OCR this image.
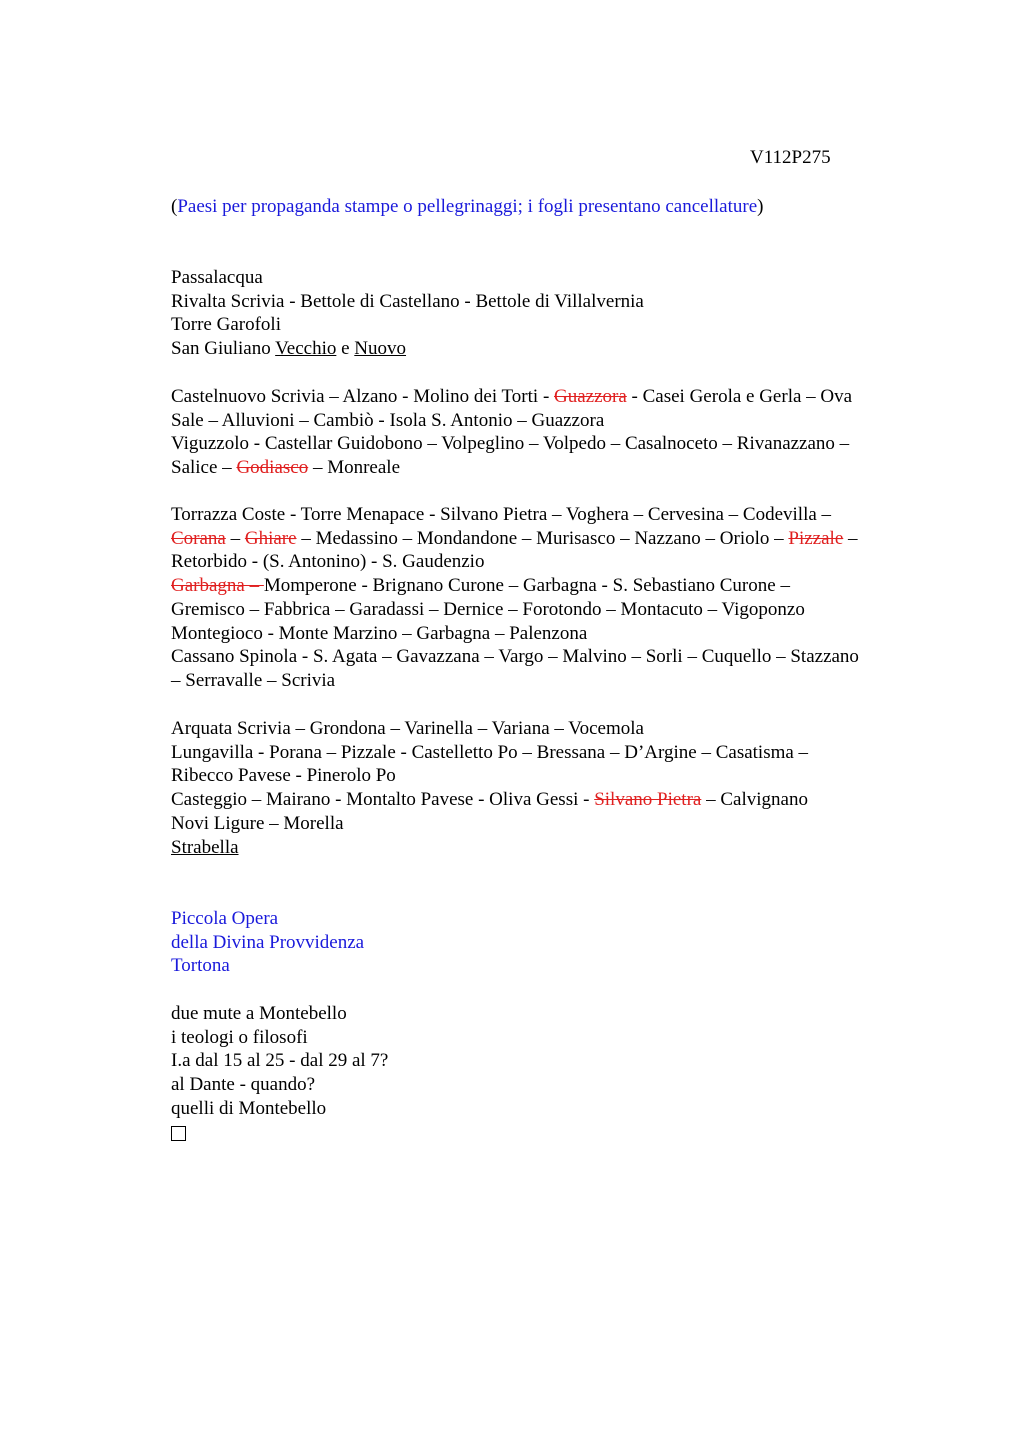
V112P275
(Paesi per propaganda stampe o pellegrinaggi; i fogli presentano cancellature)
Passalacqua
Rivalta Scrivia - Bettole di Castellano - Bettole di Villalvernia
Torre Garofoli
San Giuliano Vecchio e Nuovo
Castelnuovo Scrivia – Alzano - Molino dei Torti - Guazzora - Casei Gerola e Gerla – Ova
Sale – Alluvioni – Cambiò - Isola S. Antonio – Guazzora
Viguzzolo - Castellar Guidobono – Volpeglino – Volpedo – Casalnoceto – Rivanazzano –
Salice – Godiasco – Monreale
Torrazza Coste - Torre Menapace - Silvano Pietra – Voghera – Cervesina – Codevilla –
Corana – Ghiare – Medassino – Mondandone – Murisasco – Nazzano – Oriolo – Pizzale –
Retorbido - (S. Antonino) - S. Gaudenzio
Garbagna – Momperone - Brignano Curone – Garbagna - S. Sebastiano Curone –
Gremisco – Fabbrica – Garadassi – Dernice – Forotondo – Montacuto – Vigoponzo
Montegioco - Monte Marzino – Garbagna – Palenzona
Cassano Spinola - S. Agata – Gavazzana – Vargo – Malvino – Sorli – Cuquello – Stazzano
– Serravalle – Scrivia
Arquata Scrivia – Grondona – Varinella – Variana – Vocemola
Lungavilla - Porana – Pizzale - Castelletto Po – Bressana – D’Argine – Casatisma –
Ribecco Pavese - Pinerolo Po
Casteggio – Mairano - Montalto Pavese - Oliva Gessi - Silvano Pietra – Calvignano
Novi Ligure – Morella
Strabella
Piccola Opera
della Divina Provvidenza
Tortona
due mute a Montebello
i teologi o filosofi
I.a dal 15 al 25 - dal 29 al 7?
al Dante - quando?
quelli di Montebello
